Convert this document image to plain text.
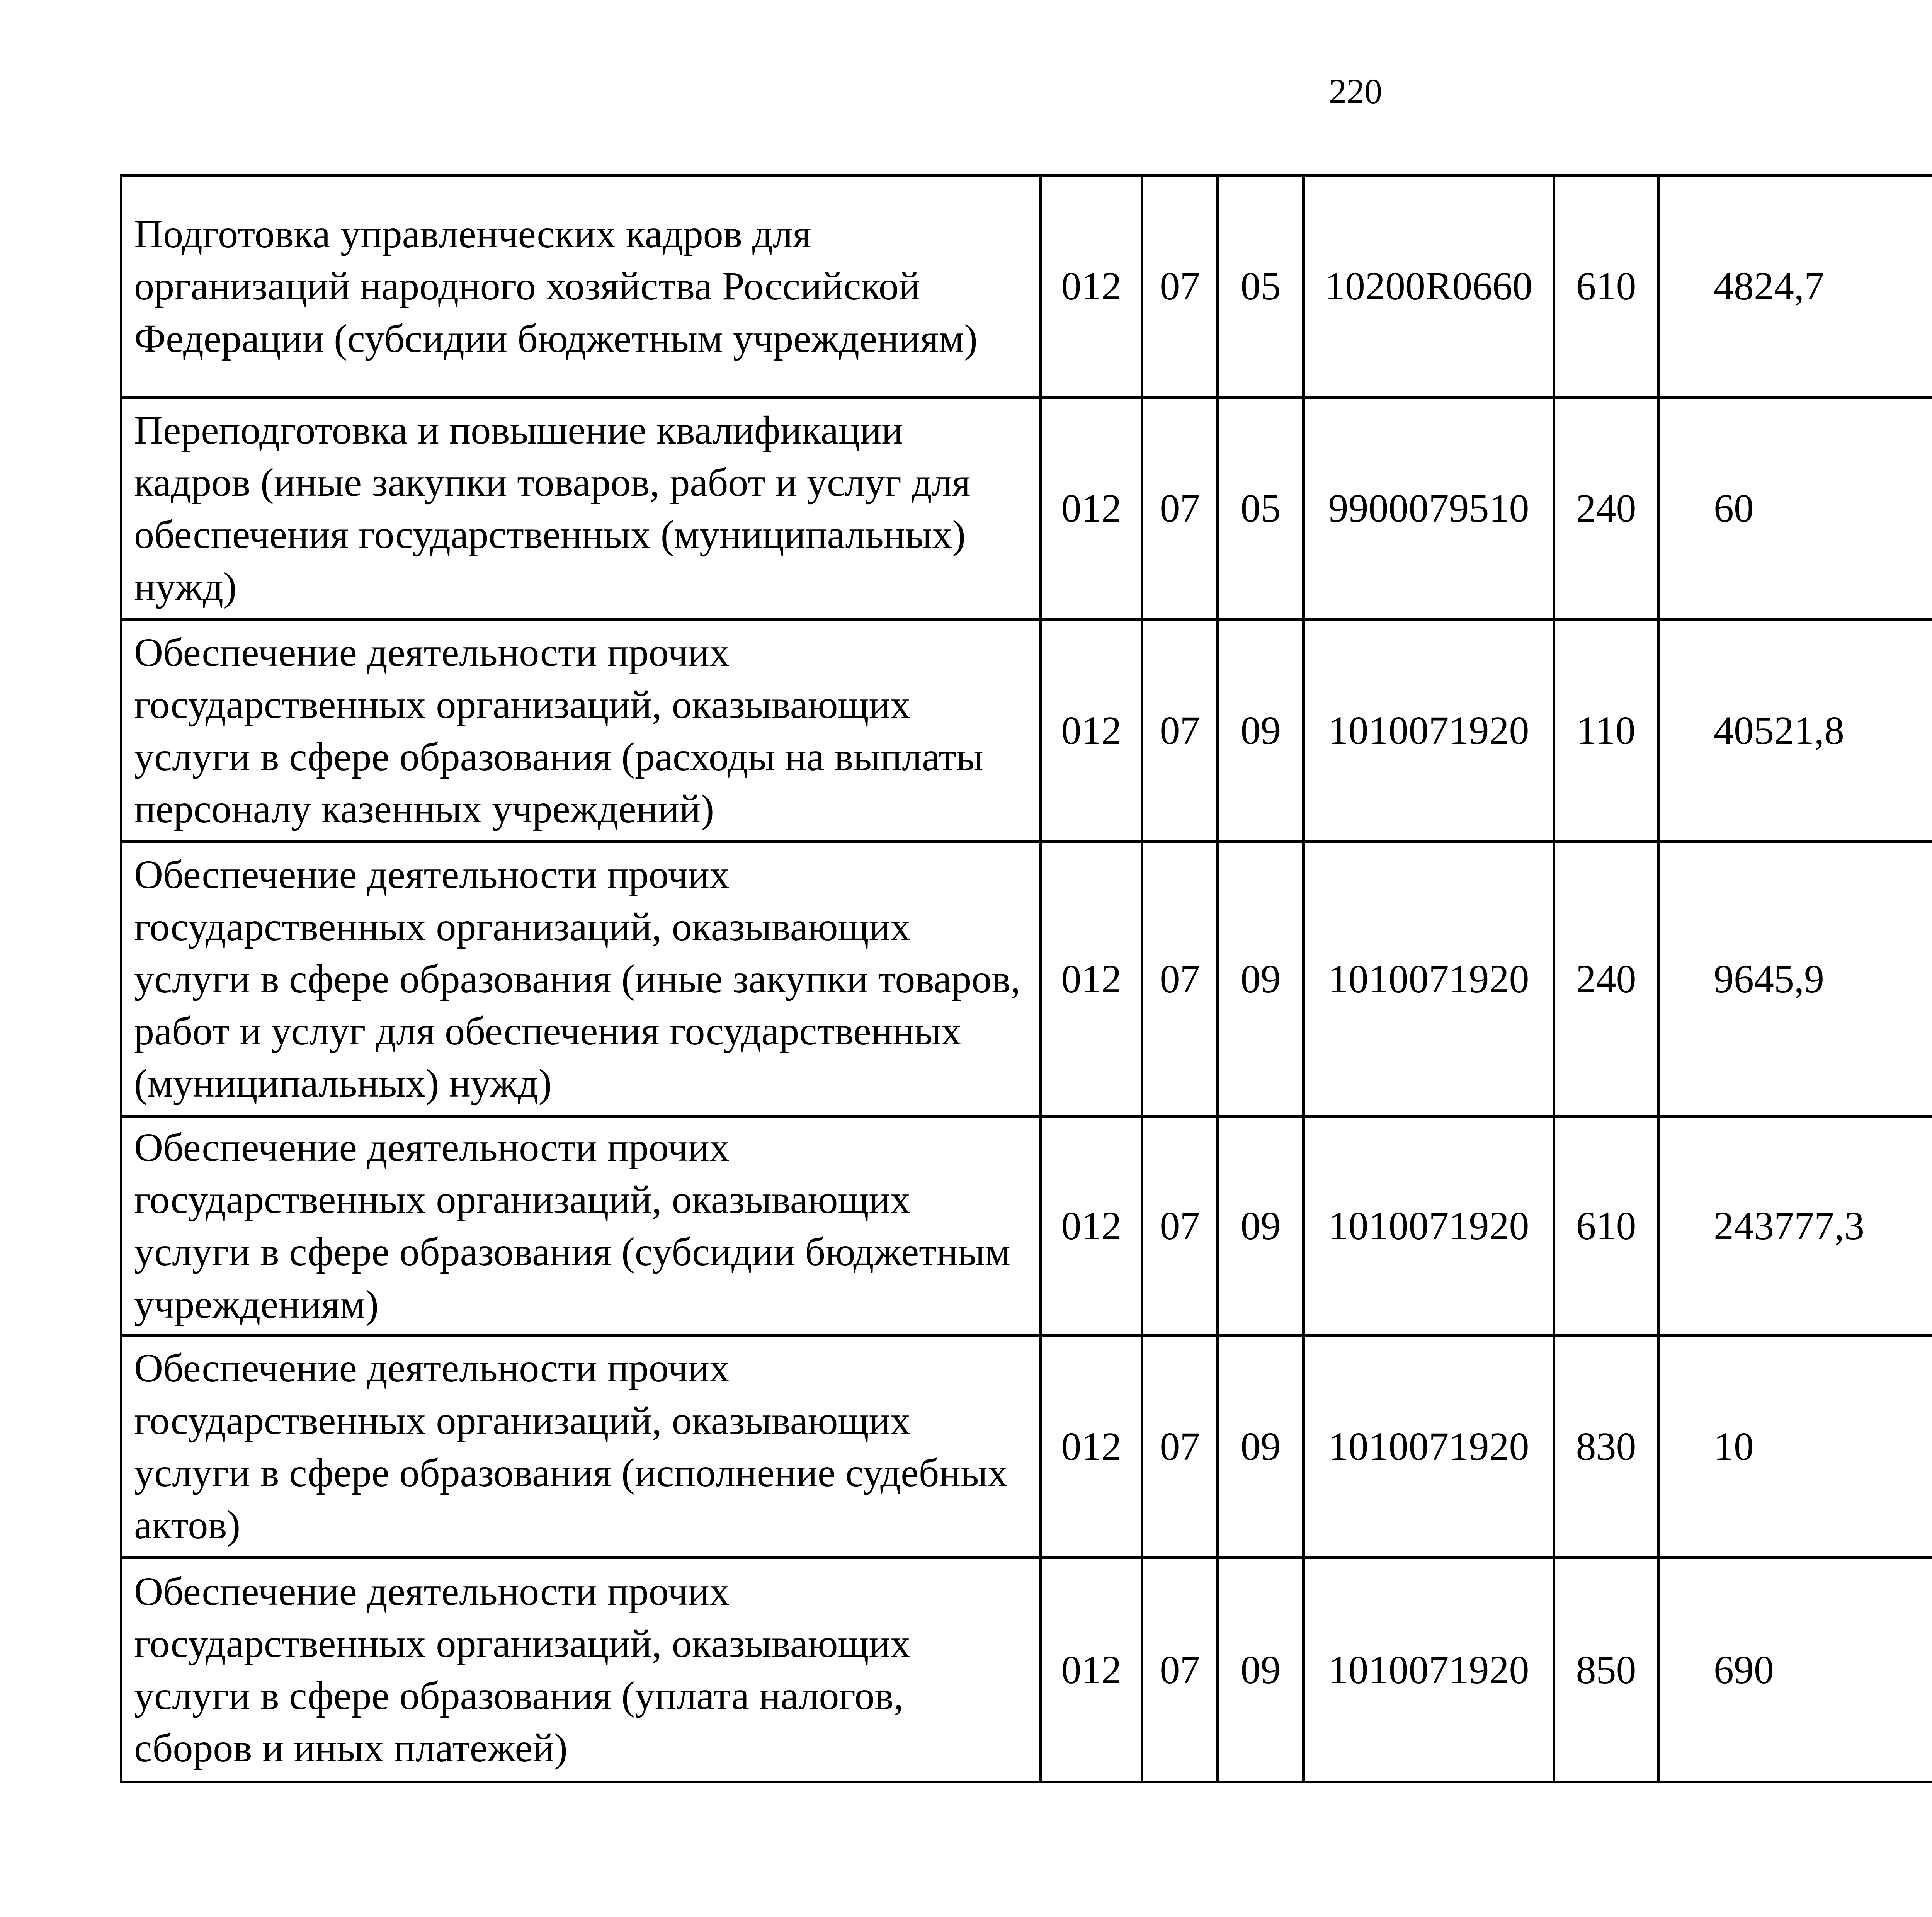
220
Подготовка управленческих кадров для организаций народного хозяйства Российской Федерации (субсидии бюджетным учреждениям)	012	07	05	10200R0660	610	4824,7		
Переподготовка и повышение квалификации кадров (иные закупки товаров, работ и услуг для обеспечения государственных (муниципальных) нужд)	012	07	05	9900079510	240	60		
Обеспечение деятельности прочих государственных организаций, оказывающих услуги в сфере образования (расходы на выплаты персоналу казенных учреждений)	012	07	09	1010071920	110	40521,8		
Обеспечение деятельности прочих государственных организаций, оказывающих услуги в сфере образования (иные закупки товаров, работ и услуг для обеспечения государственных (муниципальных) нужд)	012	07	09	1010071920	240	9645,9		
Обеспечение деятельности прочих государственных организаций, оказывающих услуги в сфере образования (субсидии бюджетным учреждениям)	012	07	09	1010071920	610	243777,3		
Обеспечение деятельности прочих государственных организаций, оказывающих услуги в сфере образования (исполнение судебных актов)	012	07	09	1010071920	830	10		
Обеспечение деятельности прочих государственных организаций, оказывающих услуги в сфере образования (уплата налогов, сборов и иных платежей)	012	07	09	1010071920	850	690		
